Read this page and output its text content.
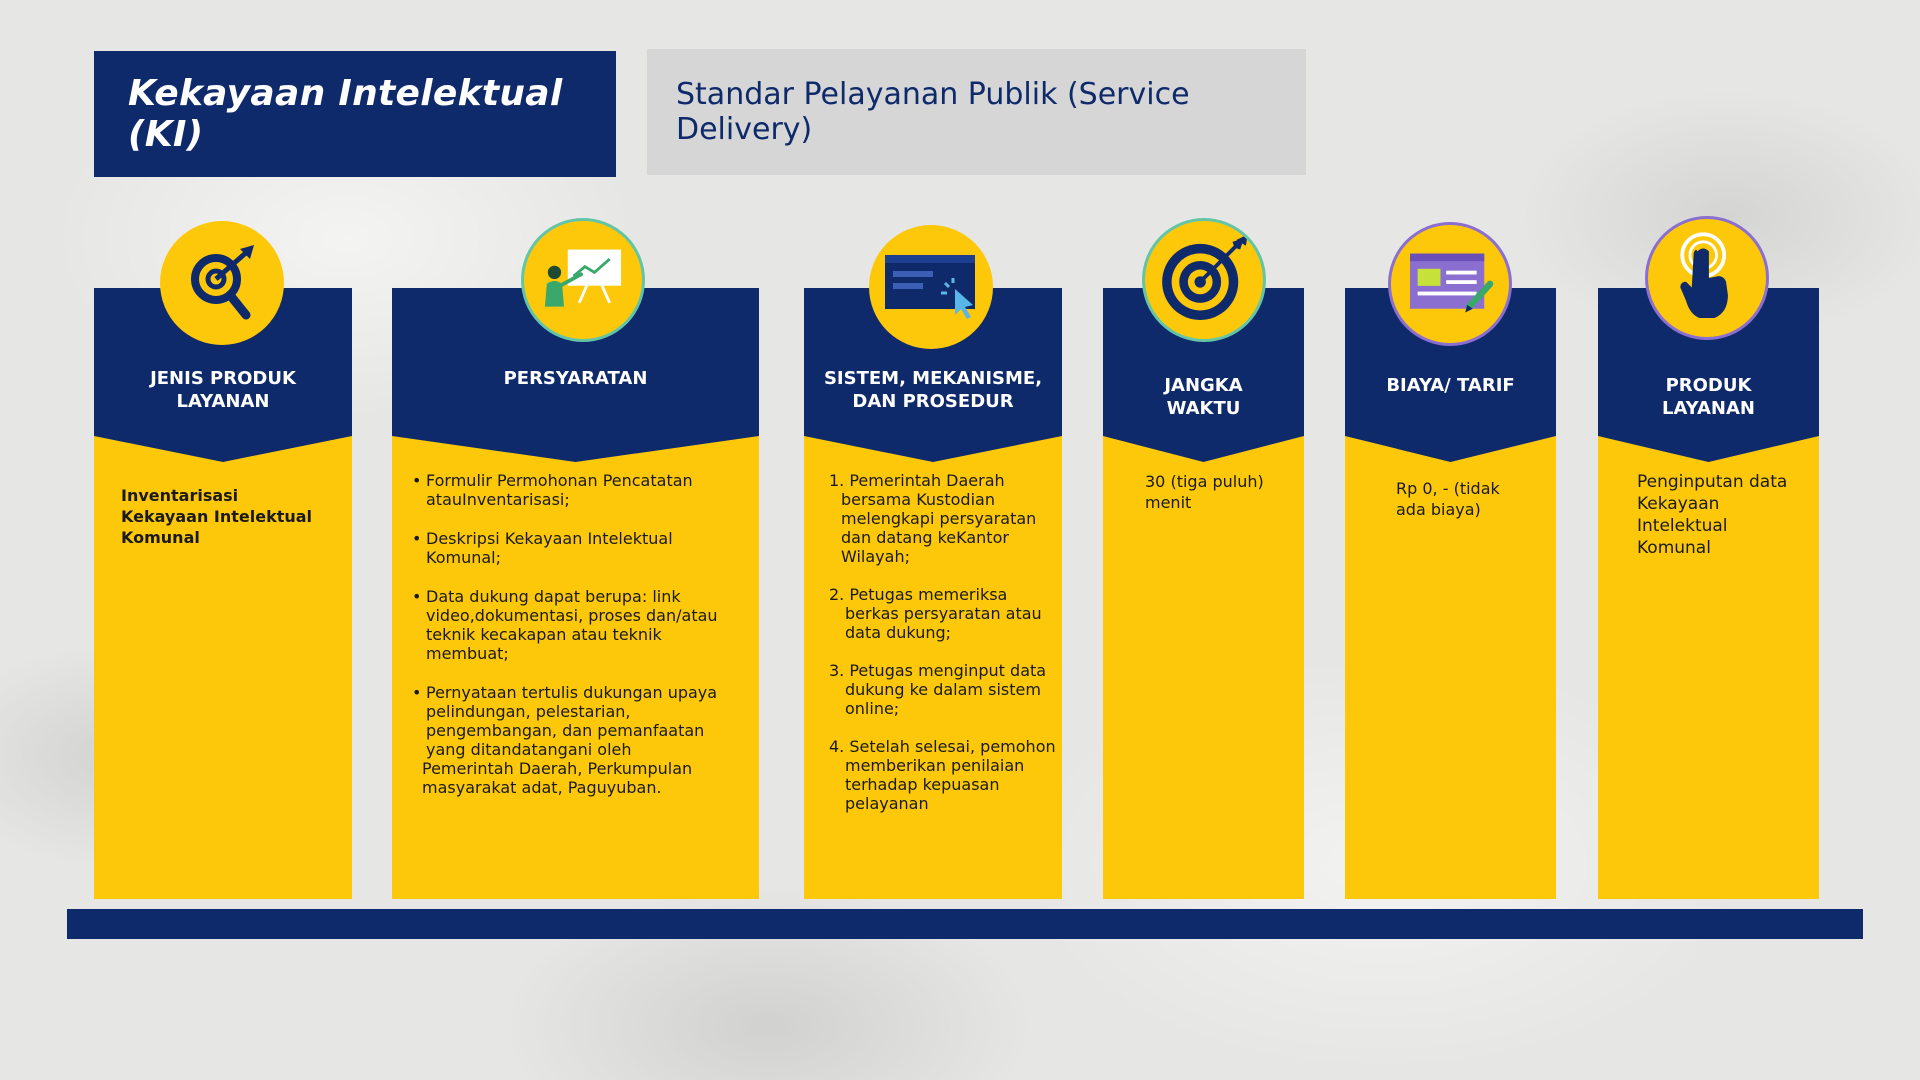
Kekayaan Intelektual (KI)
Standar Pelayanan Publik (Service Delivery)
JENIS PRODUK
LAYANAN
Inventarisasi
Kekayaan Intelektual
Komunal
PERSYARATAN
• Formulir Permohonan Pencatatan
atauInventarisasi;
• Deskripsi Kekayaan Intelektual
Komunal;
• Data dukung dapat berupa: link
video,dokumentasi, proses dan/atau
teknik kecakapan atau teknik
membuat;
• Pernyataan tertulis dukungan upaya
pelindungan, pelestarian,
pengembangan, dan pemanfaatan
yang ditandatangani oleh
Pemerintah Daerah, Perkumpulan
masyarakat adat, Paguyuban.
SISTEM, MEKANISME,
DAN PROSEDUR
1. Pemerintah Daerah
bersama Kustodian
melengkapi persyaratan
dan datang keKantor
Wilayah;
2. Petugas memeriksa
berkas persyaratan atau
data dukung;
3. Petugas menginput data
dukung ke dalam sistem
online;
4. Setelah selesai, pemohon
memberikan penilaian
terhadap kepuasan
pelayanan
JANGKA
WAKTU
30 (tiga puluh)
menit
BIAYA/ TARIF
Rp 0, - (tidak
ada biaya)
PRODUK
LAYANAN
Penginputan data
Kekayaan
Intelektual
Komunal
